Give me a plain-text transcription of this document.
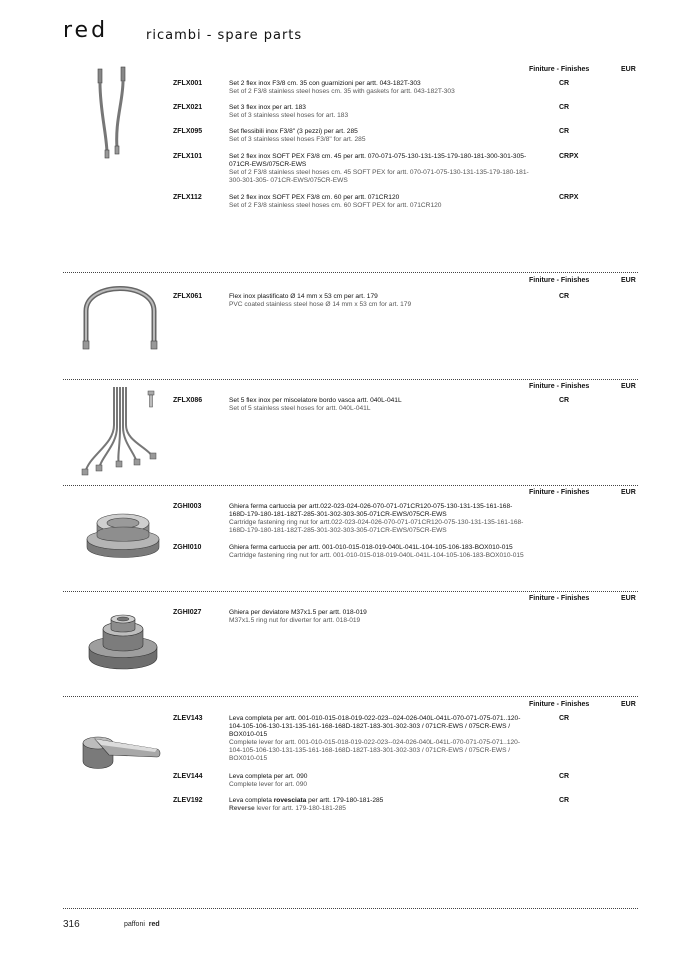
red	ricambi - spare parts
Finiture - Finishes	EUR
ZFLX001	Set 2 flex inox F3/8 cm. 35 con guarnizioni per artt. 043-182T-303
Set of 2 F3/8 stainless steel hoses cm. 35 with gaskets for artt. 043-182T-303
CR
ZFLX021	Set 3 flex inox per art. 183
Set of 3 stainless steel hoses for art. 183
CR
ZFLX095	Set flessibili inox F3/8" (3 pezzi) per art. 285
Set of 3 stainless steel hoses F3/8" for art. 285
CR
ZFLX101	Set 2 flex inox SOFT PEX F3/8 cm. 45 per artt. 070-071-075-130-131-135-179-180-181-300-301-305- 071CR-EWS/075CR-EWS
Set of 2 F3/8 stainless steel hoses cm. 45 SOFT PEX for artt. 070-071-075-130-131-135-179-180-181-300-301-305- 071CR-EWS/075CR-EWS
CRPX
ZFLX112	Set 2 flex inox SOFT PEX F3/8 cm. 60 per artt. 071CR120
Set of 2 F3/8 stainless steel hoses cm. 60 SOFT PEX for artt. 071CR120
CRPX
Finiture - Finishes	EUR
ZFLX061	Flex inox plastificato Ø 14 mm x 53 cm per art. 179
PVC coated stainless steel hose Ø 14 mm x 53 cm for art. 179
CR
Finiture - Finishes	EUR
ZFLX086	Set 5 flex inox per miscelatore bordo vasca artt. 040L-041L
Set of 5 stainless steel hoses for artt. 040L-041L
CR
Finiture - Finishes	EUR
ZGHI003	Ghiera ferma cartuccia per artt.022-023-024-026-070-071-071CR120-075-130-131-135-161-168-168D-179-180-181-182T-285-301-302-303-305-071CR-EWS/075CR-EWS
Cartridge fastening ring nut for artt.022-023-024-026-070-071-071CR120-075-130-131-135-161-168-168D-179-180-181-182T-285-301-302-303-305-071CR-EWS/075CR-EWS
ZGHI010	Ghiera ferma cartuccia per artt. 001-010-015-018-019-040L-041L-104-105-106-183-BOX010-015
Cartridge fastening ring nut for artt. 001-010-015-018-019-040L-041L-104-105-106-183-BOX010-015
Finiture - Finishes	EUR
ZGHI027	Ghiera per deviatore M37x1.5 per artt. 018-019
M37x1.5 ring nut for diverter for artt. 018-019
Finiture - Finishes	EUR
ZLEV143	Leva completa per artt. 001-010-015-018-019-022-023--024-026-040L-041L-070-071-075-071..120-104-105-106-130-131-135-161-168-168D-182T-183-301-302-303 / 071CR-EWS / 075CR-EWS / BOX010-015
Complete lever for artt. 001-010-015-018-019-022-023--024-026-040L-041L-070-071-075-071..120-104-105-106-130-131-135-161-168-168D-182T-183-301-302-303 / 071CR-EWS / 075CR-EWS / BOX010-015
CR
ZLEV144	Leva completa per art. 090
Complete lever for art. 090
CR
ZLEV192	Leva completa rovesciata per artt. 179-180-181-285
Reverse lever for artt. 179-180-181-285
CR
316	paffoni red
